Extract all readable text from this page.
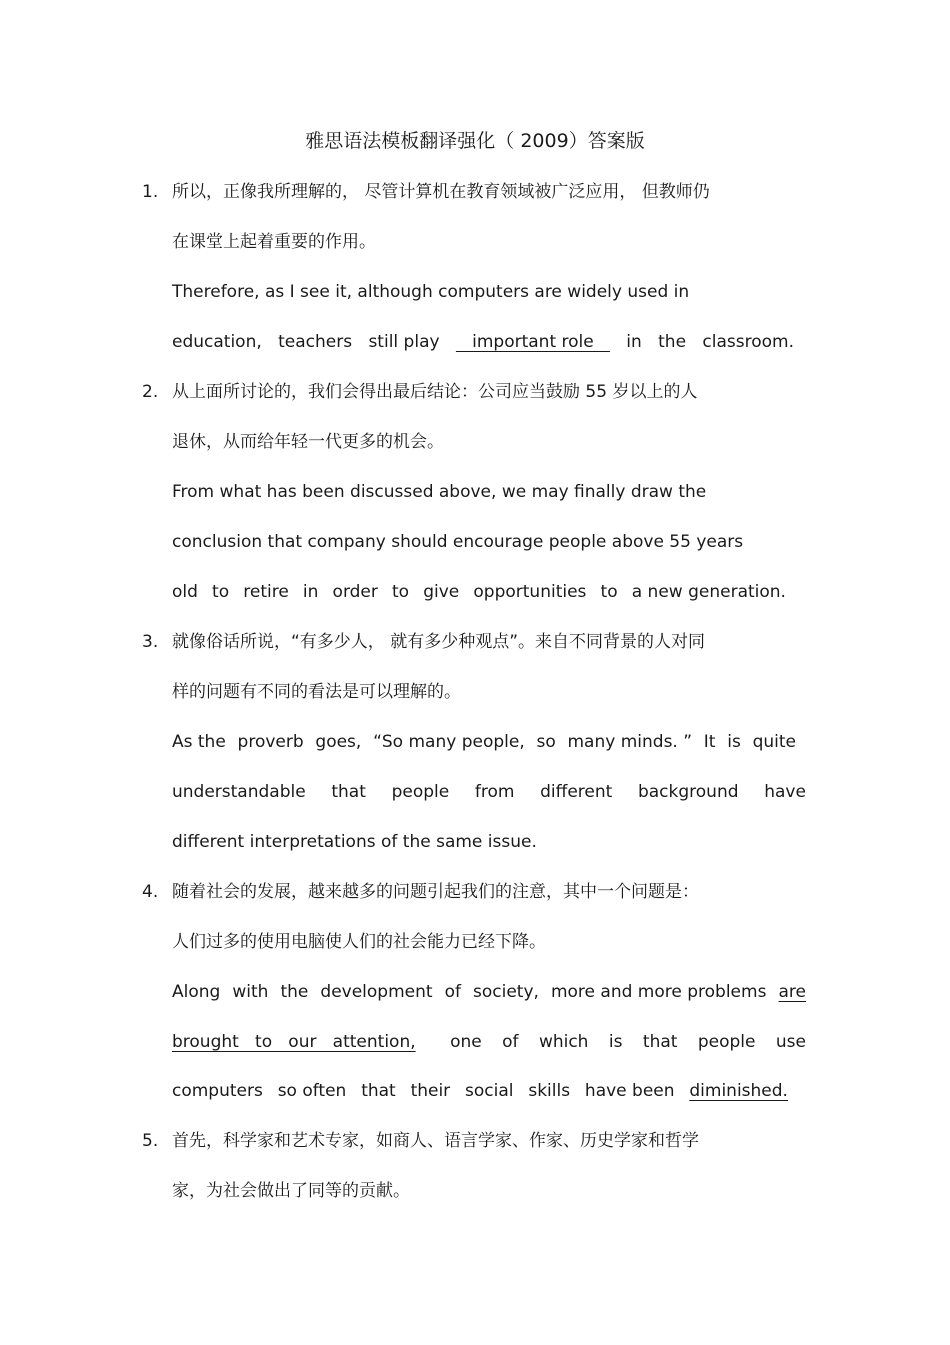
雅思语法模板翻译强化（ 2009）答案版
1. 所以，正像我所理解的， 尽管计算机在教育领域被广泛应用， 但教师仍
在课堂上起着重要的作用。
Therefore, as I see it, although computers are widely used in
education, teachers still play important role in the classroom.
2. 从上面所讨论的，我们会得出最后结论：公司应当鼓励 55 岁以上的人
退休，从而给年轻一代更多的机会。
From what has been discussed above, we may finally draw the
conclusion that company should encourage people above 55 years
old to retire in order to give opportunities to a new generation.
3. 就像俗话所说，“有多少人， 就有多少种观点”。来自不同背景的人对同
样的问题有不同的看法是可以理解的。
As the proverb goes, “So many people, so many minds. ” It is quite
understandable that people from different background have
different interpretations of the same issue.
4. 随着社会的发展，越来越多的问题引起我们的注意，其中一个问题是：
人们过多的使用电脑使人们的社会能力已经下降。
Along with the development of society, more and more problems are
brought   to   our   attention,	one of which is that people use
computers so often that their social skills have been diminished.
5. 首先，科学家和艺术专家，如商人、语言学家、作家、历史学家和哲学
家，为社会做出了同等的贡献。
